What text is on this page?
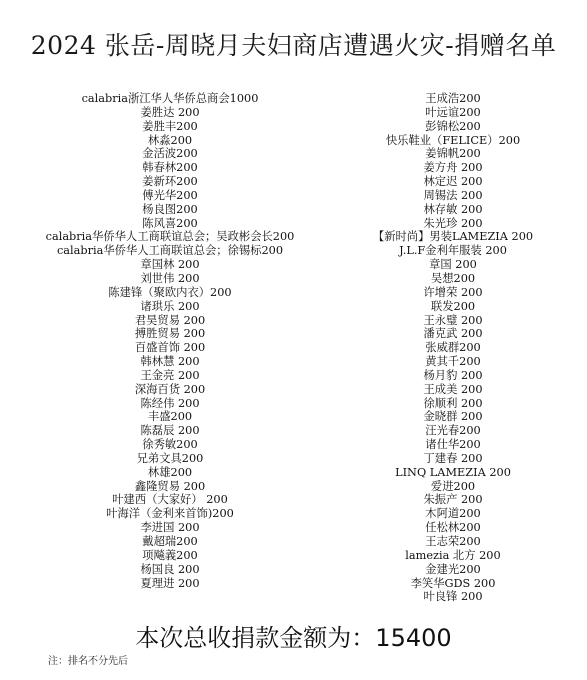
2024 张岳-周晓月夫妇商店遭遇火灾-捐赠名单
calabria浙江华人华侨总商会1000
姜胜达 200
姜胜丰200
林淼200
金活波200
韩春林200
姜新环200
傅光华200
杨良图200
陈风喜200
calabria华侨华人工商联谊总会；吴政彬会长200
calabria华侨华人工商联谊总会；徐锡标200
章国林 200
刘世伟 200
陈建锋（聚欧内衣）200
诸珙乐 200
君昊贸易 200
搏胜贸易 200
百盛首饰 200
韩林慧 200
王金亮 200
深海百货 200
陈经伟 200
丰盛200
陈磊辰 200
徐秀敏200
兄弟文具200
林雄200
鑫隆贸易 200
叶建西（大家好） 200
叶海洋（金利来首饰)200
李进国 200
戴超瑞200
项飚義200
杨国良 200
夏理进 200
王成浩200
叶远谊200
彭锦松200
快乐鞋业（FELICE）200
姜锦帆200
姜方舟 200
林定迟 200
周锡法 200
林存敏 200
朱光珍 200
【新时尚】男装LAMEZIA 200
J.L.F金利年服装 200
章国 200
吴想200
许增荣 200
联发200
王永璧 200
潘克武 200
张威群200
黄其千200
杨月豹 200
王成美 200
徐顺利 200
金晓群 200
汪光春200
诸仕华200
丁建春 200
LINQ LAMEZIA 200
爱进200
朱振产 200
木阿道200
任松林200
王志荣200
lamezia 北方 200
金建光200
李笑华GDS 200
叶良锋 200
本次总收捐款金额为：15400
注：排名不分先后
